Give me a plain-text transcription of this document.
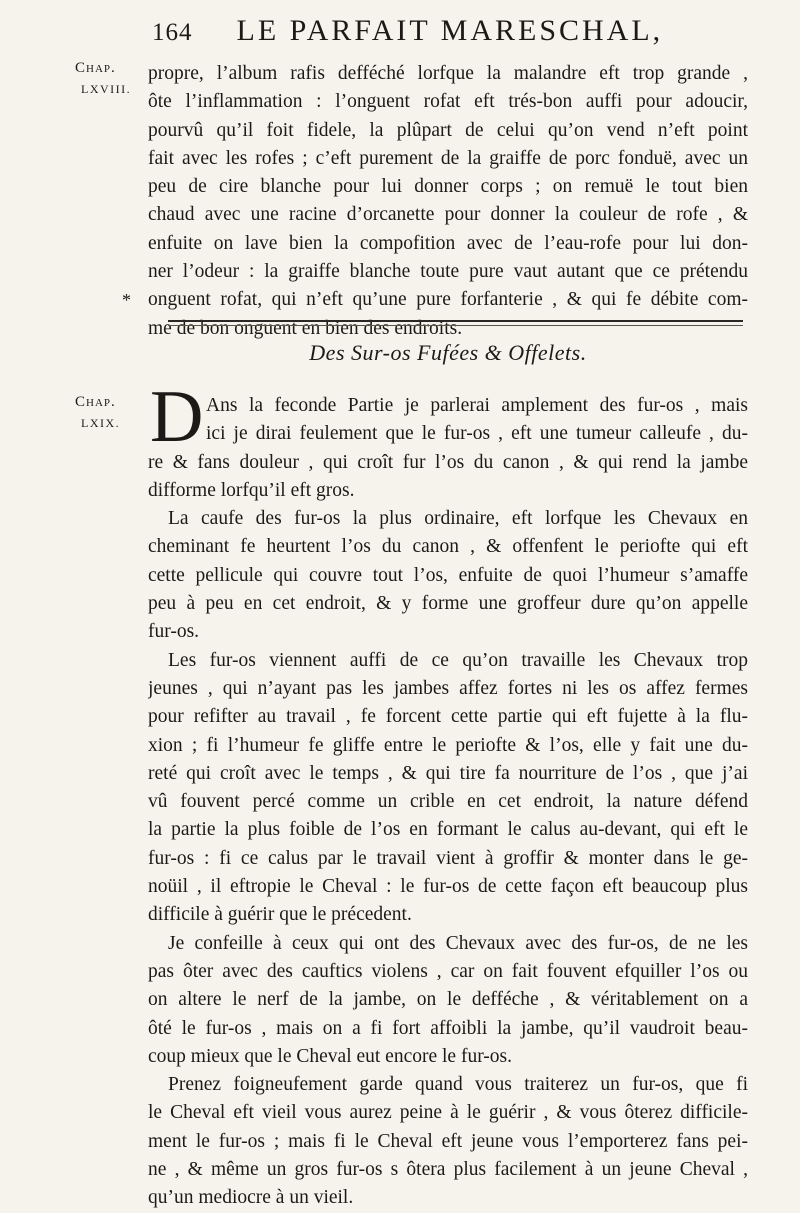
164 LE PARFAIT MARESCHAL,
Chap.
LXVIII.
propre, l’album rafis defféché lorfque la malandre eft trop grande ,
ôte l’inflammation : l’onguent rofat eft trés-bon auffi pour adoucir,
pourvû qu’il foit fidele, la plûpart de celui qu’on vend n’eft point
fait avec les rofes ; c’eft purement de la graiffe de porc fonduë, avec un
peu de cire blanche pour lui donner corps ; on remuë le tout bien
chaud avec une racine d’orcanette pour donner la couleur de rofe , &
enfuite on lave bien la compofition avec de l’eau-rofe pour lui don-
ner l’odeur : la graiffe blanche toute pure vaut autant que ce prétendu
onguent rofat, qui n’eft qu’une pure forfanterie , & qui fe débite com-
me de bon onguent en bien des endroits.
*
Des Sur-os Fufées & Offelets.
Chap.
LXIX. D Ans la feconde Partie je parlerai amplement des fur-os , mais
ici je dirai feulement que le fur-os , eft une tumeur calleufe , du-
re & fans douleur , qui croît fur l’os du canon , & qui rend la jambe
difforme lorfqu’il eft gros.
La caufe des fur-os la plus ordinaire, eft lorfque les Chevaux en
cheminant fe heurtent l’os du canon , & offenfent le periofte qui eft
cette pellicule qui couvre tout l’os, enfuite de quoi l’humeur s’amaffe
peu à peu en cet endroit, & y forme une groffeur dure qu’on appelle
fur-os.
Les fur-os viennent auffi de ce qu’on travaille les Chevaux trop
jeunes , qui n’ayant pas les jambes affez fortes ni les os affez fermes
pour refifter au travail , fe forcent cette partie qui eft fujette à la flu-
xion ; fi l’humeur fe gliffe entre le periofte & l’os, elle y fait une du-
reté qui croît avec le temps , & qui tire fa nourriture de l’os , que j’ai
vû fouvent percé comme un crible en cet endroit, la nature défend
la partie la plus foible de l’os en formant le calus au-devant, qui eft le
fur-os : fi ce calus par le travail vient à groffir & monter dans le ge-
noüil , il eftropie le Cheval : le fur-os de cette façon eft beaucoup plus
difficile à guérir que le précedent.
Je confeille à ceux qui ont des Chevaux avec des fur-os, de ne les
pas ôter avec des cauftics violens , car on fait fouvent efquiller l’os ou
on altere le nerf de la jambe, on le defféche , & véritablement on a
ôté le fur-os , mais on a fi fort affoibli la jambe, qu’il vaudroit beau-
coup mieux que le Cheval eut encore le fur-os.
Prenez foigneufement garde quand vous traiterez un fur-os, que fi
le Cheval eft vieil vous aurez peine à le guérir , & vous ôterez difficile-
ment le fur-os ; mais fi le Cheval eft jeune vous l’emporterez fans pei-
ne , & même un gros fur-os s ôtera plus facilement à un jeune Cheval ,
qu’un mediocre à un vieil.
